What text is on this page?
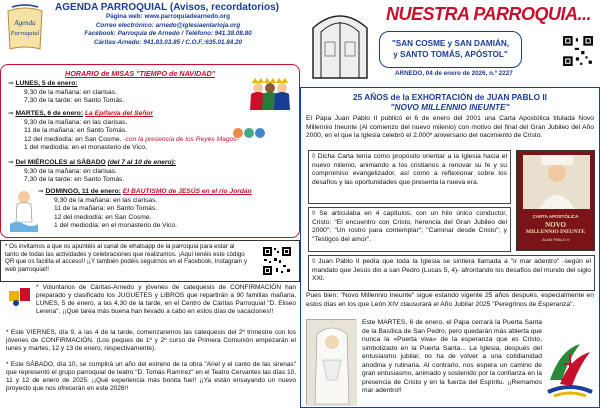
Agenda
Parroquial
AGENDA PARROQUIAL (Avisos, recordatorios)
Página web: www.parroquiadearnedo.org
Correo electrónico: arnedo@iglesiaenlarioja.org
Facebook: Parroquia de Arnedo / Teléfono: 941.38.08.80
Cáritas-Arnedo: 941.83.03.85 / C.O.F.:635.01.84.20
HORARIO de MISAS "TIEMPO de NAVIDAD"
⇒ LUNES, 5 de enero:
9,30 de la mañana: en clarisas.
7,30 de la tarde: en Santo Tomás.
⇒ MARTES, 6 de enero: La Epifanía del Señor
9,30 de la mañana: en las clarisas.
11 de la mañana: en Santo Tomás.
12 del mediodía: en San Cosme. -con la presencia de los Reyes Magos-
1 del mediodía: en el monasterio de Vico.
⇒ Del MIÉRCOLES al SÁBADO (del 7 al 10 de enero):
9,30 de la mañana: en clarisas.
7,30 de la tarde: en Santo Tomás.
⇒ DOMINGO, 11 de enero: El BAUTISMO de JESÚS en el río Jordán
9,30 de la mañana: en las clarisas.
11 de la mañana: en Santo Tomás.
12 del mediodía: en San Cosme.
1 del mediodía: en el monasterio de Vico.
* Os invitamos a que os apuntéis al canal de whatsapp de la parroquia para estar al tanto de todas las actividades y celebraciones que realizamos. ¡Aquí tenéis este código QR que os facilita el acceso!! ¡¡Y también podéis seguirnos en el Facebook, Instagram y web parroquial!!
* Voluntarios de Cáritas-Arnedo y jóvenes de catequesis de CONFIRMACIÓN han preparado y clasificado los JUGUETES y LIBROS que repartirán a 90 familias mañana, LUNES, 5 de enero, a las 4,30 de la tarde, en el Centro de Cáritas Parroquial "D. Eliseo Lerena". ¡¡Qué tarea más buena han llevado a cabo en estos días de vacaciones!!
* Este VIERNES, día 9, a las 4 de la tarde, comenzaremos las catequesis del 2º trimestre con los jóvenes de CONFIRMACIÓN. (Los peques de 1º y 2º curso de Primera Comunión empezarán el lunes y martes, 12 y 13 de enero, respectivamente).
* Este SÁBADO, día 10, se cumplirá un año del estreno de la obra "Ariel y el canto de las sirenas" que representó el grupo parroquial de teatro "D. Tomás Ramírez" en el Teatro Cervantes las días 10, 11 y 12 de enero de 2025. ¡¡Qué experiencia más bonita fue!! ¡¡Ya están ensayando un nuevo proyecto que nos ofrecerán en este 2026!!
NUESTRA PARROQUIA...
"SAN COSME y SAN DAMIÁN,
y SANTO TOMÁS, APÓSTOL"
ARNEDO, 04 de enero de 2026, n.º 2227
25 AÑOS de la EXHORTACIÓN de JUAN PABLO II
"NOVO MILLENNIO INEUNTE"
El Papa Juan Pablo II publicó el 6 de enero del 2001 una Carta Apostólica titulada Novo Millennio Ineunte (Al comienzo del nuevo milenio) con motivo del final del Gran Jubileo del Año 2000, en el que la Iglesia celebró el 2.000º aniversario del nacimiento de Cristo.
◊ Dicha Carta tenía como propósito orientar a la Iglesia hacia el nuevo milenio, animando a los cristianos a renovar su fe y su compromiso evangelizador, así como a reflexionar sobre los desafíos y las oportunidades que presenta la nueva era.
◊ Se articulaba en 4 capítulos, con un hilo único conductor, Cristo: "El encuentro con Cristo, herencia del Gran Jubileo del 2000"; "Un rostro para contemplar"; "Caminar desde Cristo"; y "Testigos del amor".
◊ Juan Pablo II pedía que toda la Iglesia se sintiera llamada a "ir mar adentro" -según el mandato que Jesús dio a san Pedro (Lucas 5, 4)- afrontando los desafíos del mundo del siglo XXI.
CARTA APOSTÓLICA
NOVO
MILLENNIO INEUNTE
JUAN PABLO II
Pues bien: "Novo Millennio Ineunte" sigue estando vigente 25 años después, especialmente en estos días en los que León XIV clausurará el Año Jubilar 2025 "Peregrinos de Esperanza".
Este MARTES, 6 de enero, el Papa cerrará la Puerta Santa de la Basílica de San Pedro, pero quedarán más abierta que nunca la «Puerta viva» de la esperanza que es Cristo, simbolizado en la Puerta Santa... La Iglesia, después del entusiasmo jubilar, no ha de volver a una cotidianidad anodina y rutinaria. Al contrario, nos espera un camino de gran entusiasmo, animado y sostenido por la confianza en la presencia de Cristo y en la fuerza del Espíritu. ¡¡Remamos mar adentro!!
